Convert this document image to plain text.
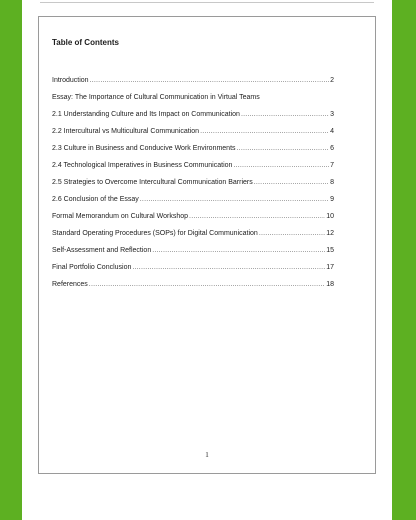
Table of Contents
Introduction .....	2
Essay: The Importance of Cultural Communication in Virtual Teams
2.1 Understanding Culture and Its Impact on Communication .....	3
2.2 Intercultural vs Multicultural Communication .....	4
2.3 Culture in Business and Conducive Work Environments .....	6
2.4 Technological Imperatives in Business Communication .....	7
2.5 Strategies to Overcome Intercultural Communication Barriers .....	8
2.6 Conclusion of the Essay .....	9
Formal Memorandum on Cultural Workshop .....	10
Standard Operating Procedures (SOPs) for Digital Communication .....	12
Self-Assessment and Reflection .....	15
Final Portfolio Conclusion .....	17
References .....	18
1
